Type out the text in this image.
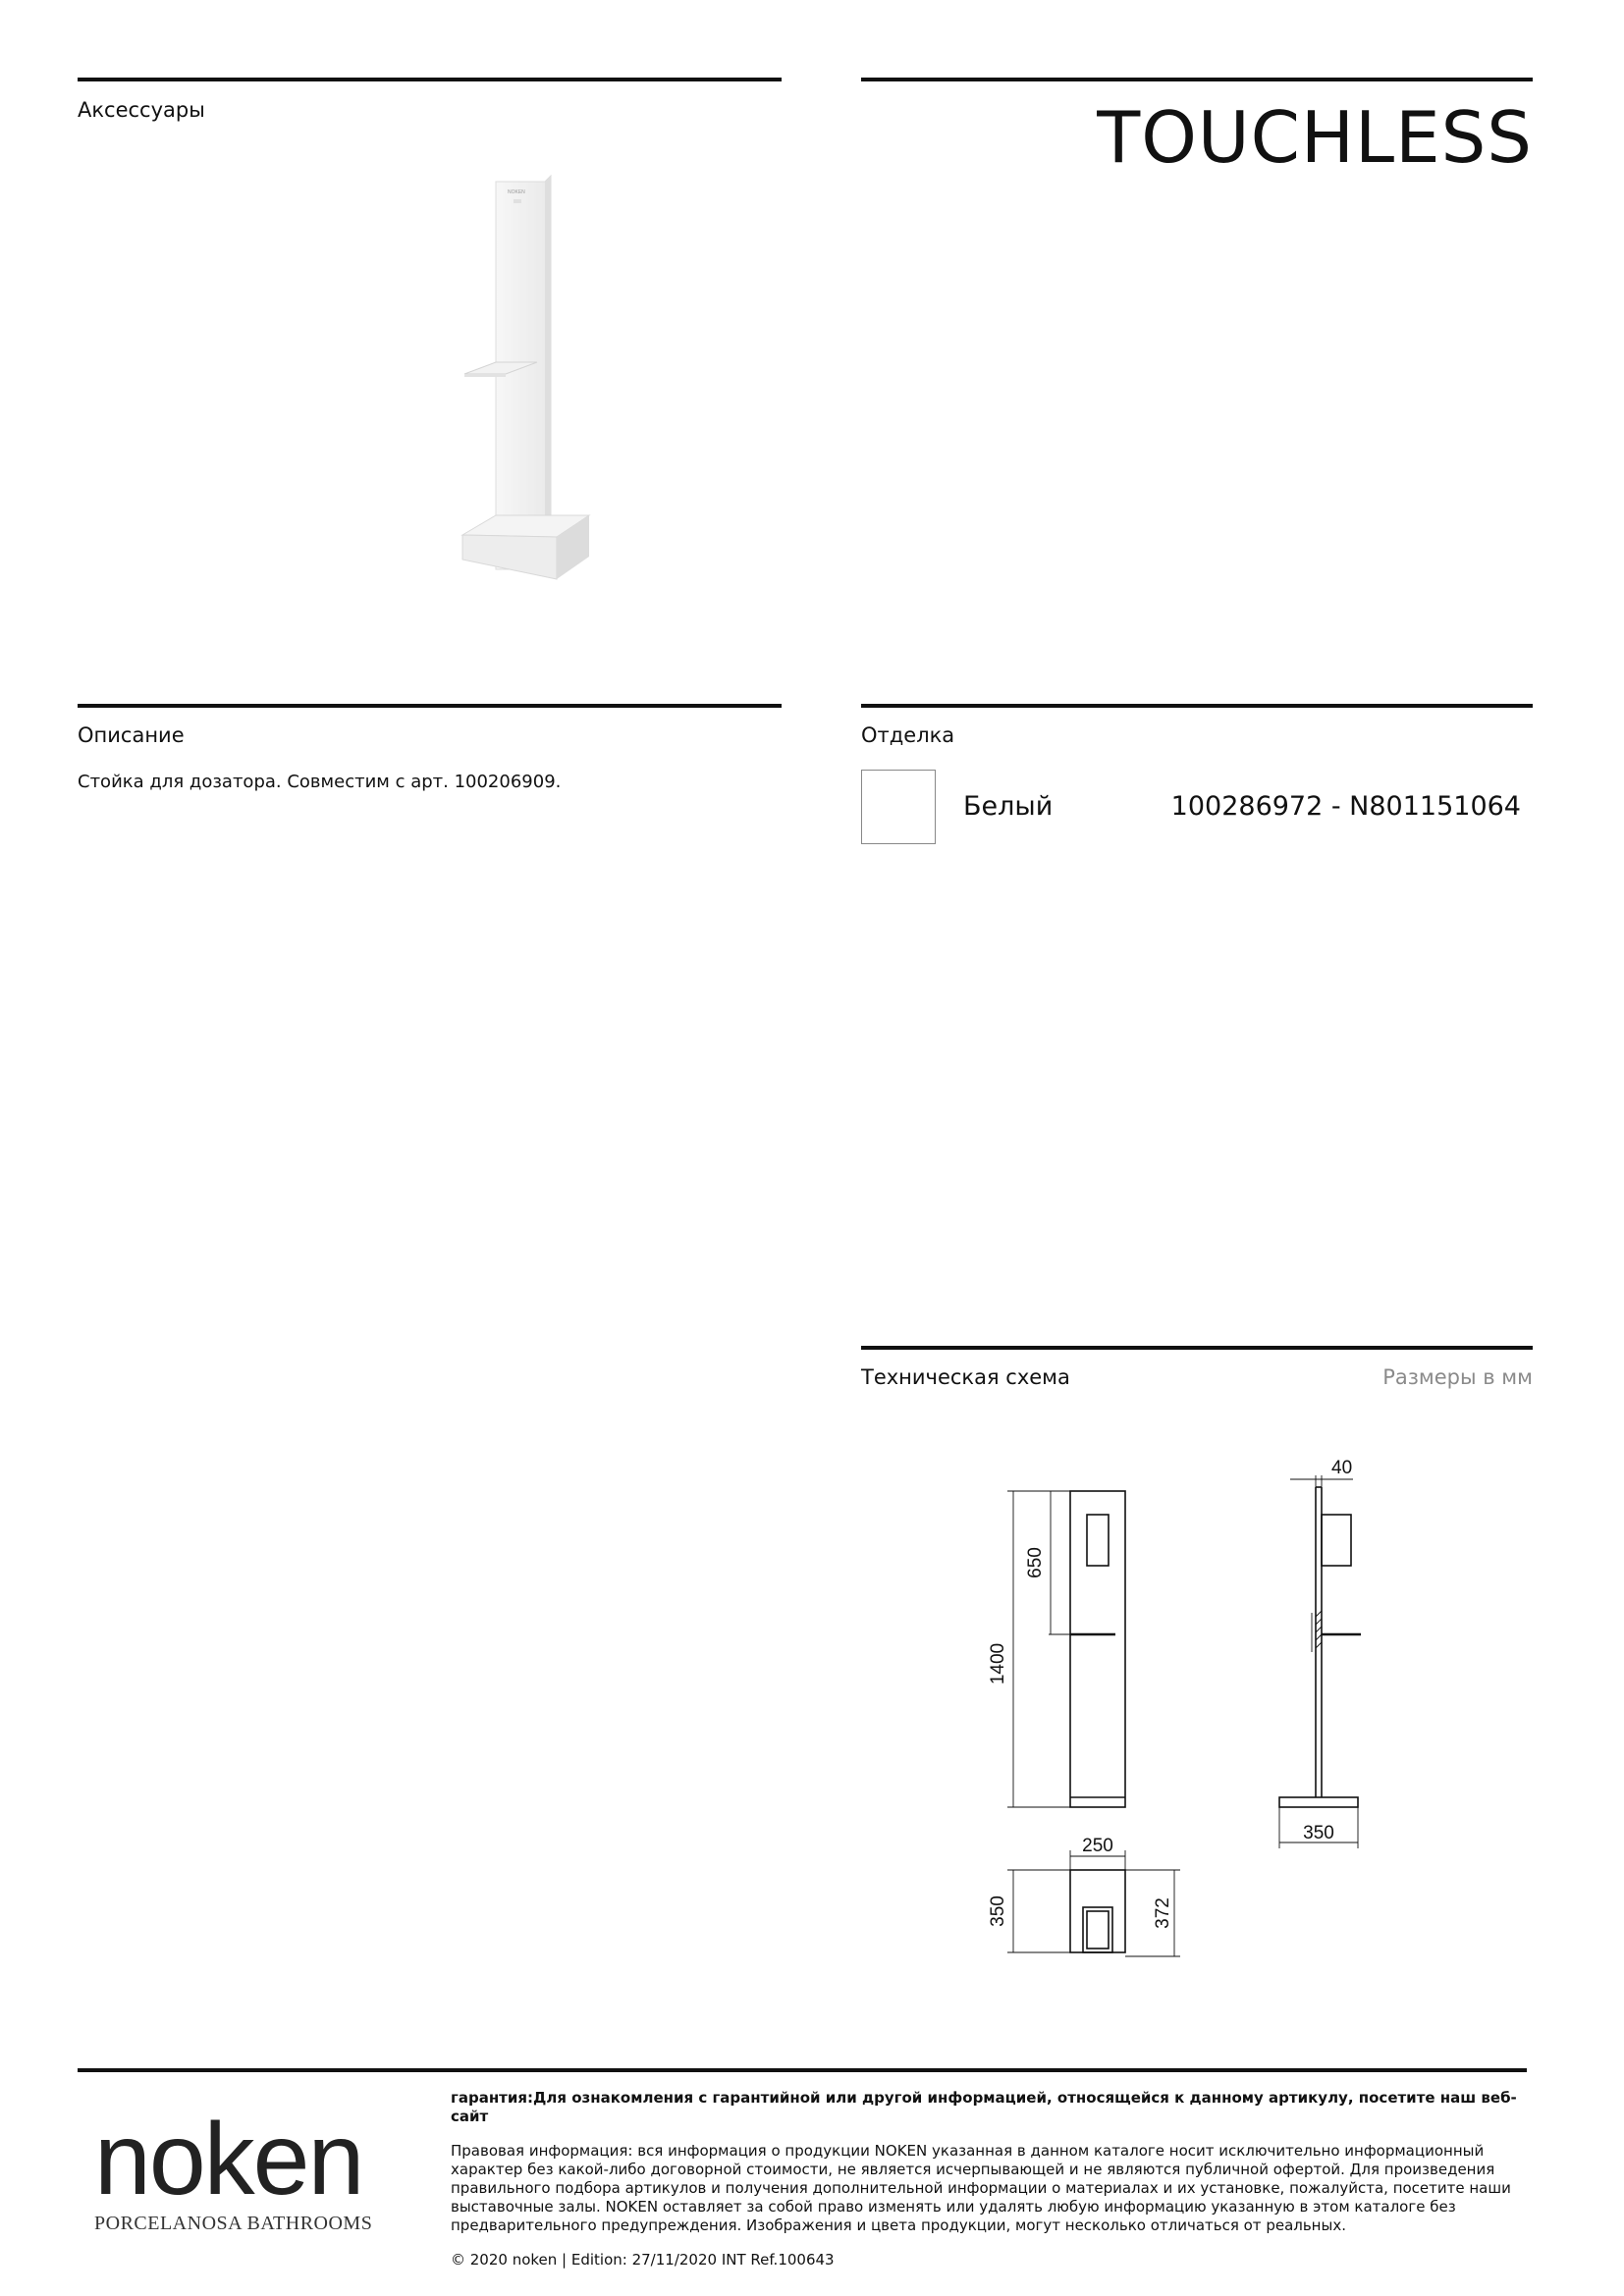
Аксессуары	TOUCHLESS
NOKEN
Описание
Стойка для дозатора. Совместим с арт. 100206909.
Отделка
Белый	100286972 - N801151064
Техническая схема	Размеры в мм
1400
650
40
350
250
350	372
noken
PORCELANOSA BATHROOMS
гарантия:Для ознакомления с гарантийной или другой информацией, относящейся к данному артикулу, посетите наш веб-сайт
Правовая информация: вся информация о продукции NOKEN указанная в данном каталоге носит исключительно информационный характер без какой-либо договорной стоимости, не является исчерпывающей и не являются публичной офертой. Для произведения правильного подбора артикулов и получения дополнительной информации о материалах и их установке, пожалуйста, посетите наши выставочные залы. NOKEN оставляет за собой право изменять или удалять любую информацию указанную в этом каталоге без предварительного предупреждения. Изображения и цвета продукции, могут несколько отличаться от реальных.
© 2020 noken | Edition: 27/11/2020 INT Ref.100643
